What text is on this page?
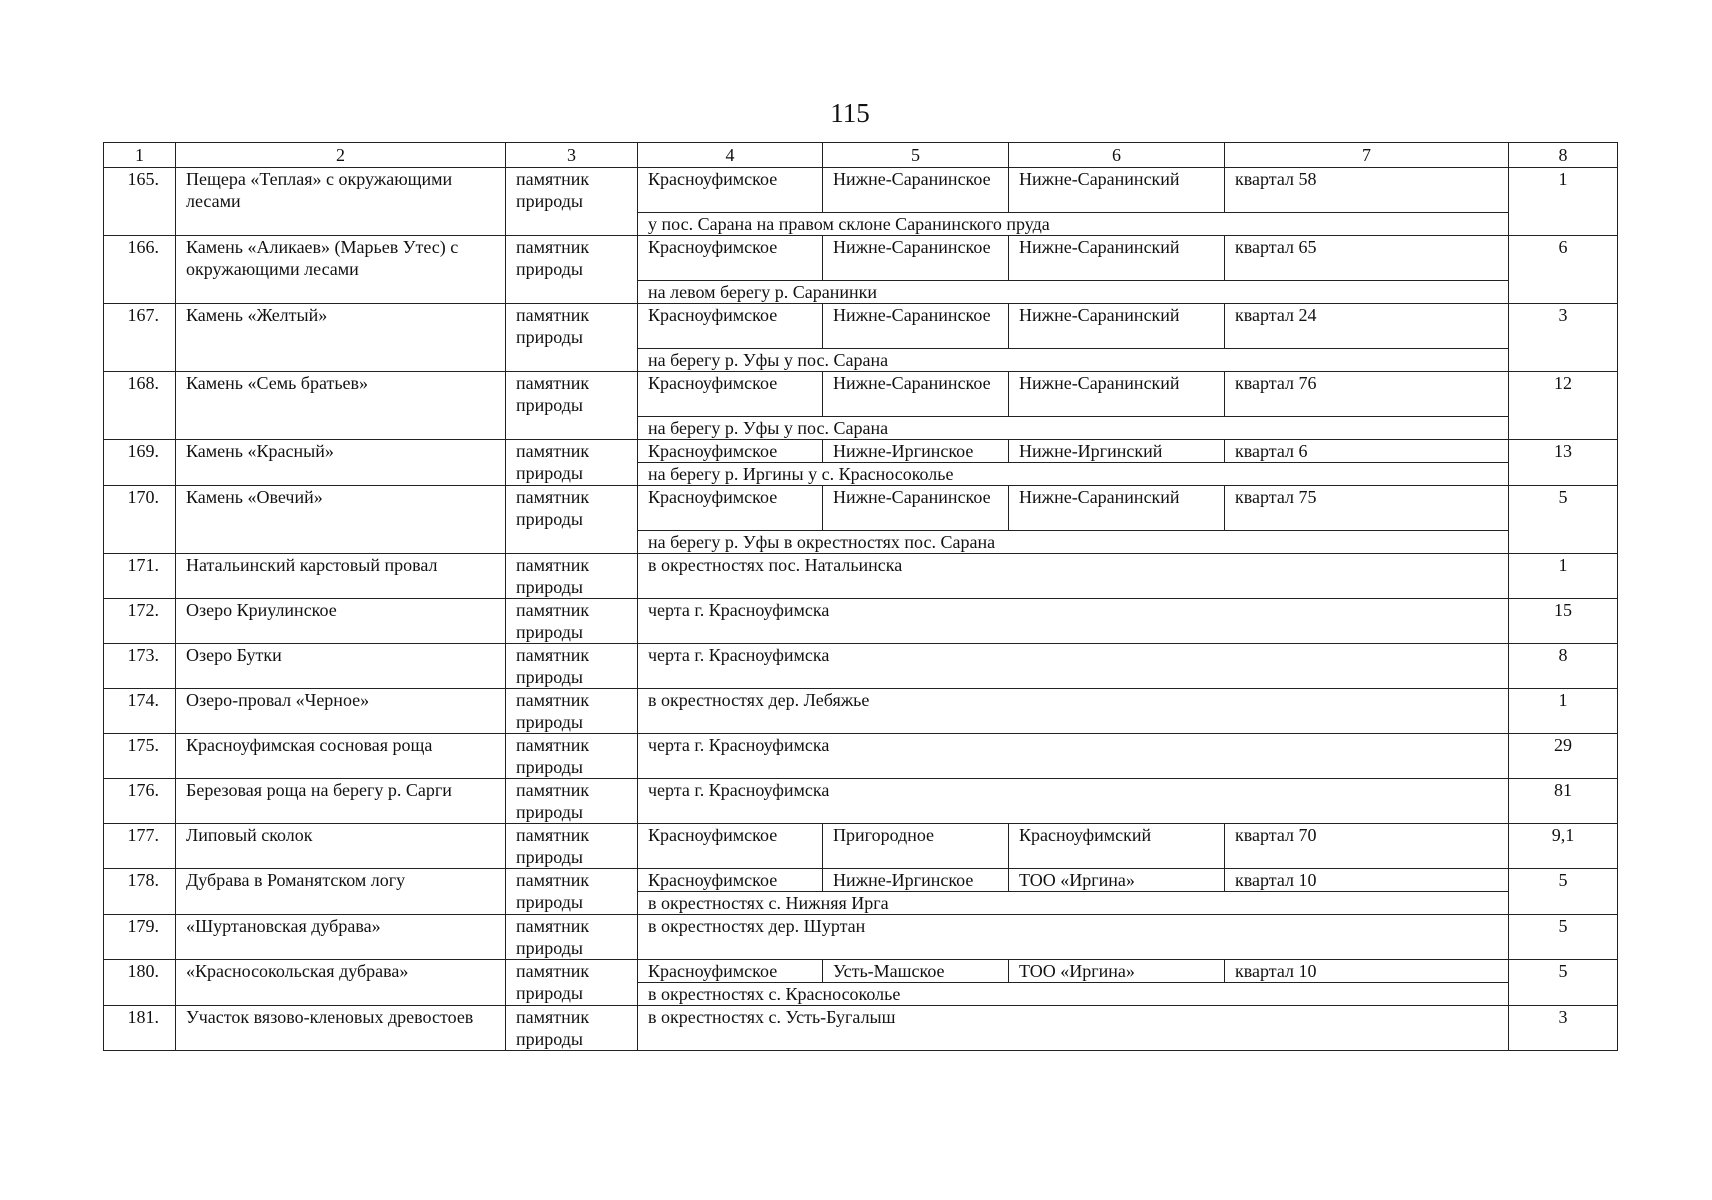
115
1	2	3	4	5	6	7	8
165.	Пещера «Теплая» с окружающими лесами	памятник природы	Красноуфимское	Нижне-Саранинское	Нижне-Саранинский	квартал 58	1
			у пос. Сарана на правом склоне Саранинского пруда				
166.	Камень «Аликаев» (Марьев Утес) с окружающими лесами	памятник природы	Красноуфимское	Нижне-Саранинское	Нижне-Саранинский	квартал 65	6
			на левом берегу р. Саранинки				
167.	Камень «Желтый»	памятник природы	Красноуфимское	Нижне-Саранинское	Нижне-Саранинский	квартал 24	3
			на берегу р. Уфы у пос. Сарана				
168.	Камень «Семь братьев»	памятник природы	Красноуфимское	Нижне-Саранинское	Нижне-Саранинский	квартал 76	12
			на берегу р. Уфы у пос. Сарана				
169.	Камень «Красный»	памятник природы	Красноуфимское	Нижне-Иргинское	Нижне-Иргинский	квартал 6	13
			на берегу р. Иргины у с. Красносоколье				
170.	Камень «Овечий»	памятник природы	Красноуфимское	Нижне-Саранинское	Нижне-Саранинский	квартал 75	5
			на берегу р. Уфы в окрестностях пос. Сарана				
171.	Натальинский карстовый провал	памятник природы	в окрестностях пос. Натальинска				1
172.	Озеро Криулинское	памятник природы	черта г. Красноуфимска				15
173.	Озеро Бутки	памятник природы	черта г. Красноуфимска				8
174.	Озеро-провал «Черное»	памятник природы	в окрестностях дер. Лебяжье				1
175.	Красноуфимская сосновая роща	памятник природы	черта г. Красноуфимска				29
176.	Березовая роща на берегу р. Сарги	памятник природы	черта г. Красноуфимска				81
177.	Липовый сколок	памятник природы	Красноуфимское	Пригородное	Красноуфимский	квартал 70	9,1
178.	Дубрава в Романятском логу	памятник природы	Красноуфимское	Нижне-Иргинское	ТОО «Иргина»	квартал 10	5
			в окрестностях с. Нижняя Ирга				
179.	«Шуртановская дубрава»	памятник природы	в окрестностях дер. Шуртан				5
180.	«Красносокольская дубрава»	памятник природы	Красноуфимское	Усть-Машское	ТОО «Иргина»	квартал 10	5
			в окрестностях с. Красносоколье				
181.	Участок вязово-кленовых древостоев	памятник природы	в окрестностях с. Усть-Бугалыш				3
